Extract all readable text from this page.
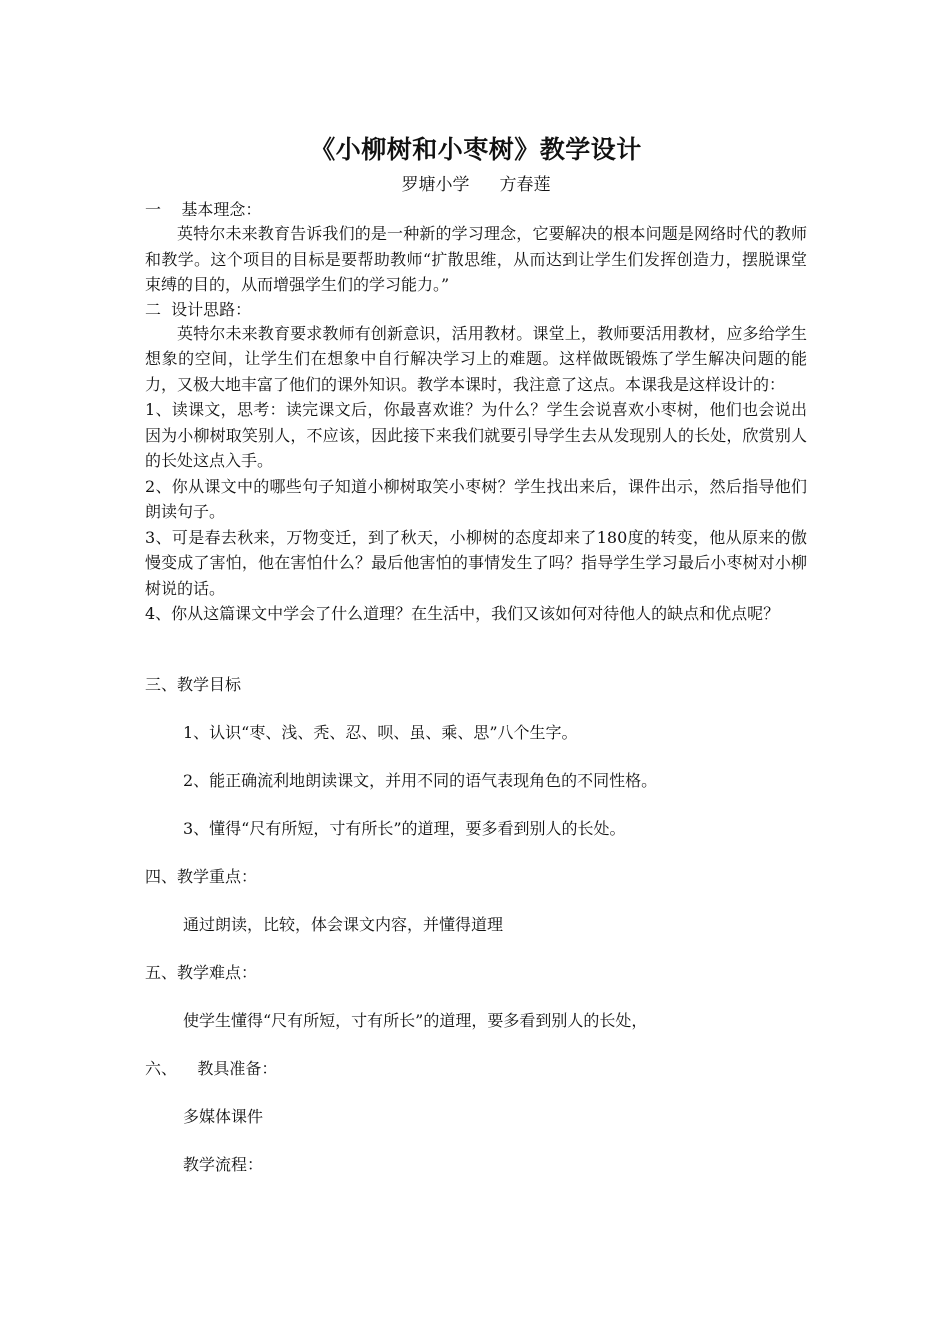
《小柳树和小枣树》教学设计

罗塘小学 方春莲

一    基本理念：

英特尔未来教育告诉我们的是一种新的学习理念，它要解决的根本问题是网络时代的教师和教学。这个项目的目标是要帮助教师“扩散思维，从而达到让学生们发挥创造力，摆脱课堂束缚的目的，从而增强学生们的学习能力。”

二  设计思路：

英特尔未来教育要求教师有创新意识，活用教材。课堂上，教师要活用教材，应多给学生想象的空间，让学生们在想象中自行解决学习上的难题。这样做既锻炼了学生解决问题的能力，又极大地丰富了他们的课外知识。教学本课时，我注意了这点。本课我是这样设计的：

1、读课文，思考：读完课文后，你最喜欢谁？为什么？学生会说喜欢小枣树，他们也会说出因为小柳树取笑别人，不应该，因此接下来我们就要引导学生去从发现别人的长处，欣赏别人的长处这点入手。

2、你从课文中的哪些句子知道小柳树取笑小枣树？学生找出来后，课件出示，然后指导他们朗读句子。

3、可是春去秋来，万物变迁，到了秋天，小柳树的态度却来了180度的转变，他从原来的傲慢变成了害怕，他在害怕什么？最后他害怕的事情发生了吗？指导学生学习最后小枣树对小柳树说的话。

4、你从这篇课文中学会了什么道理？在生活中，我们又该如何对待他人的缺点和优点呢？

三、教学目标

1、认识“枣、浅、秃、忍、呗、虽、乘、思”八个生字。

2、能正确流利地朗读课文，并用不同的语气表现角色的不同性格。

3、懂得“尺有所短，寸有所长”的道理，要多看到别人的长处。

四、教学重点：

通过朗读，比较，体会课文内容，并懂得道理

五、教学难点：

使学生懂得“尺有所短，寸有所长”的道理，要多看到别人的长处，

六、    教具准备：

多媒体课件

教学流程：
